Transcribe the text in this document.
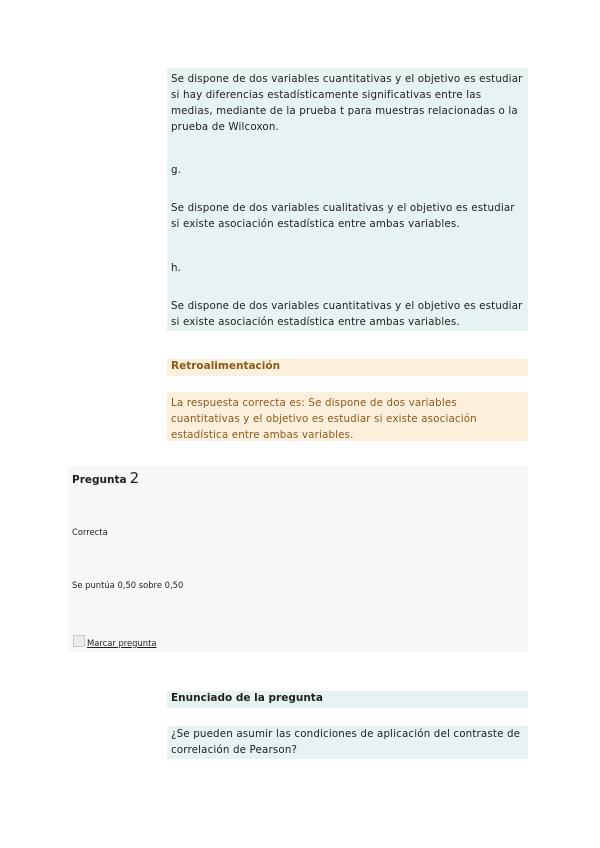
Se dispone de dos variables cuantitativas y el objetivo es estudiar si hay diferencias estadísticamente significativas entre las medias, mediante de la prueba t para muestras relacionadas o la prueba de Wilcoxon.

g.

Se dispone de dos variables cualitativas y el objetivo es estudiar si existe asociación estadística entre ambas variables.

h.

Se dispone de dos variables cuantitativas y el objetivo es estudiar si existe asociación estadística entre ambas variables.

Retroalimentación

La respuesta correcta es: Se dispone de dos variables cuantitativas y el objetivo es estudiar si existe asociación estadística entre ambas variables.

Pregunta 2
Correcta
Se puntúa 0,50 sobre 0,50
Marcar pregunta
Enunciado de la pregunta

¿Se pueden asumir las condiciones de aplicación del contraste de correlación de Pearson?
